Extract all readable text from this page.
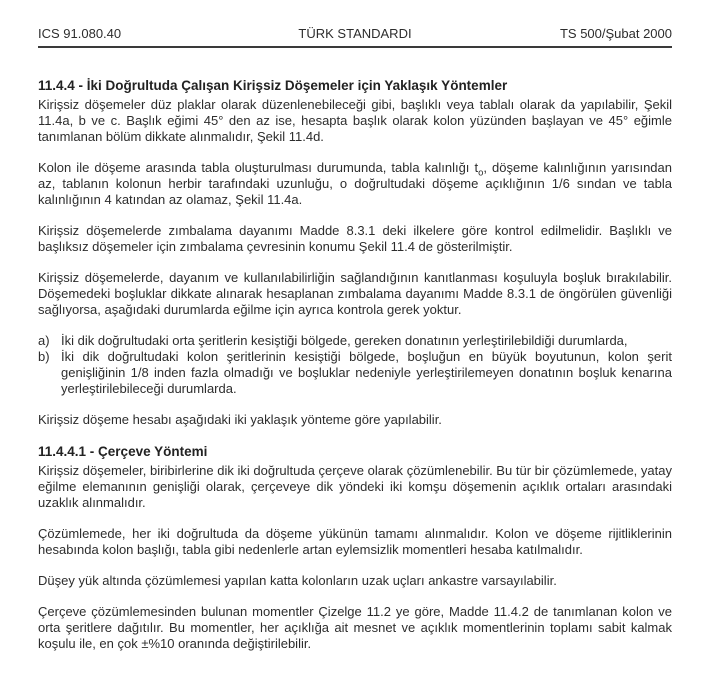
ICS 91.080.40	TÜRK STANDARDI	TS 500/Şubat 2000
11.4.4 - İki Doğrultuda Çalışan Kirişsiz Döşemeler için Yaklaşık Yöntemler

Kirişsiz döşemeler düz plaklar olarak düzenlenebileceği gibi, başlıklı veya tablalı olarak da yapılabilir, Şekil 11.4a, b ve c. Başlık eğimi 45° den az ise, hesapta başlık olarak kolon yüzünden başlayan ve 45° eğimle tanımlanan bölüm dikkate alınmalıdır, Şekil 11.4d.

Kolon ile döşeme arasında tabla oluşturulması durumunda, tabla kalınlığı $t_o$, döşeme kalınlığının yarısından az, tablanın kolonun herbir tarafındaki uzunluğu, o doğrultudaki döşeme açıklığının 1/6 sından ve tabla kalınlığının 4 katından az olamaz, Şekil 11.4a.

Kirişsiz döşemelerde zımbalama dayanımı Madde 8.3.1 deki ilkelere göre kontrol edilmelidir. Başlıklı ve başlıksız döşemeler için zımbalama çevresinin konumu Şekil 11.4 de gösterilmiştir.

Kirişsiz döşemelerde, dayanım ve kullanılabilirliğin sağlandığının kanıtlanması koşuluyla boşluk bırakılabilir. Döşemedeki boşluklar dikkate alınarak hesaplanan zımbalama dayanımı Madde 8.3.1 de öngörülen güvenliği sağlıyorsa, aşağıdaki durumlarda eğilme için ayrıca kontrola gerek yoktur.

a) İki dik doğrultudaki orta şeritlerin kesiştiği bölgede, gereken donatının yerleştirilebildiği durumlarda,
b) İki dik doğrultudaki kolon şeritlerinin kesiştiği bölgede, boşluğun en büyük boyutunun, kolon şerit genişliğinin 1/8 inden fazla olmadığı ve boşluklar nedeniyle yerleştirilemeyen donatının boşluk kenarına yerleştirilebileceği durumlarda.

Kirişsiz döşeme hesabı aşağıdaki iki yaklaşık yönteme göre yapılabilir.

11.4.4.1 - Çerçeve Yöntemi

Kirişsiz döşemeler, biribirlerine dik iki doğrultuda çerçeve olarak çözümlenebilir. Bu tür bir çözümlemede, yatay eğilme elemanının genişliği olarak, çerçeveye dik yöndeki iki komşu döşemenin açıklık ortaları arasındaki uzaklık alınmalıdır.

Çözümlemede, her iki doğrultuda da döşeme yükünün tamamı alınmalıdır. Kolon ve döşeme rijitliklerinin hesabında kolon başlığı, tabla gibi nedenlerle artan eylemsizlik momentleri hesaba katılmalıdır.

Düşey yük altında çözümlemesi yapılan katta kolonların uzak uçları ankastre varsayılabilir.

Çerçeve çözümlemesinden bulunan momentler Çizelge 11.2 ye göre, Madde 11.4.2 de tanımlanan kolon ve orta şeritlere dağıtılır. Bu momentler, her açıklığa ait mesnet ve açıklık momentlerinin toplamı sabit kalmak koşulu ile, en çok ±%10 oranında değiştirilebilir.
